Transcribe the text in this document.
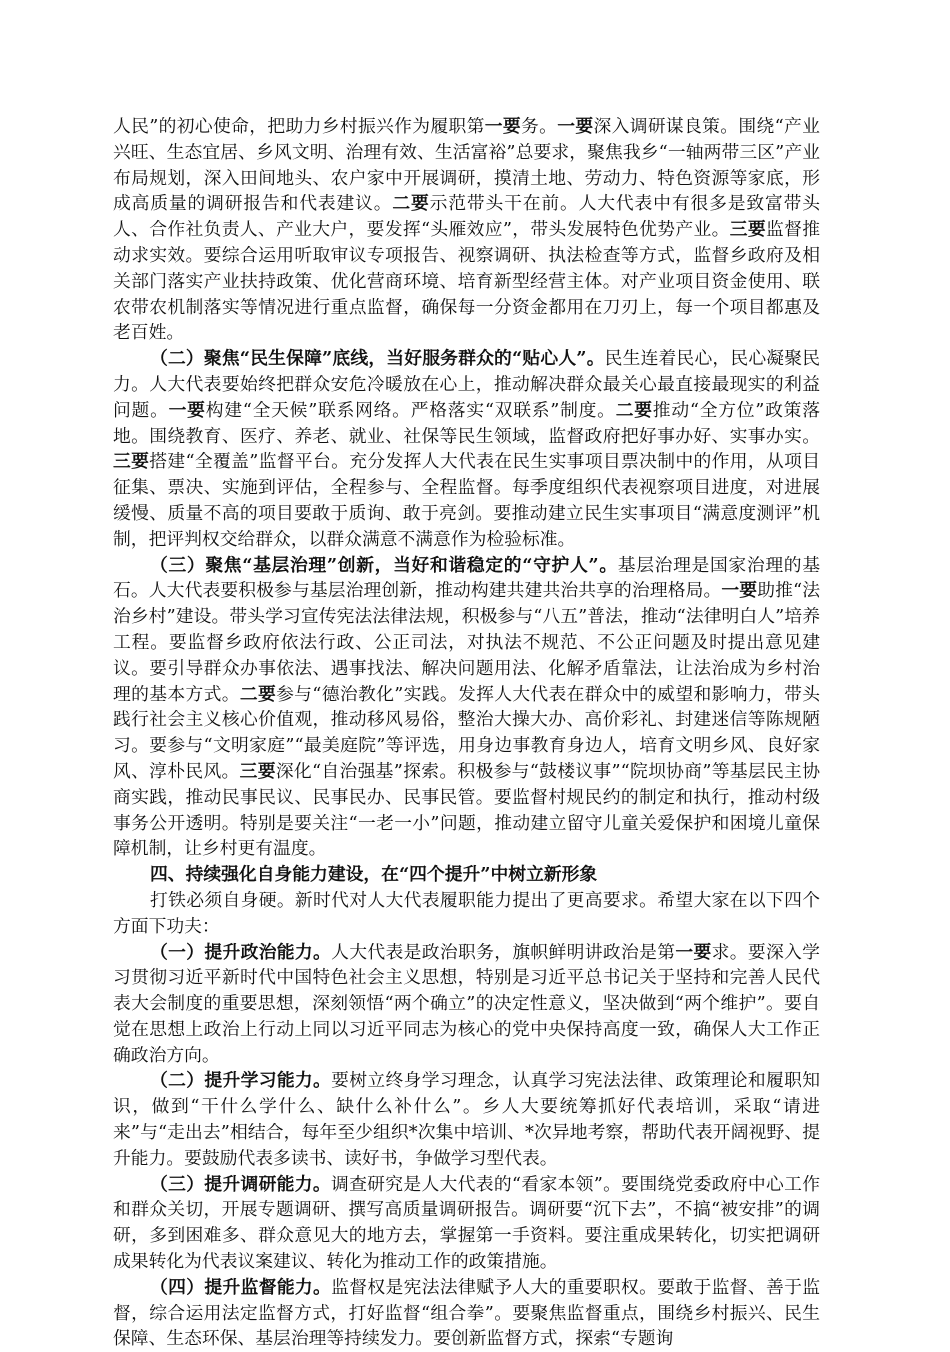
人民”的初心使命，把助力乡村振兴作为履职第一要务。一要深入调研谋良策。围绕“产业兴旺、生态宜居、乡风文明、治理有效、生活富裕”总要求，聚焦我乡“一轴两带三区”产业布局规划，深入田间地头、农户家中开展调研，摸清土地、劳动力、特色资源等家底，形成高质量的调研报告和代表建议。二要示范带头干在前。人大代表中有很多是致富带头人、合作社负责人、产业大户，要发挥“头雁效应”，带头发展特色优势产业。三要监督推动求实效。要综合运用听取审议专项报告、视察调研、执法检查等方式，监督乡政府及相关部门落实产业扶持政策、优化营商环境、培育新型经营主体。对产业项目资金使用、联农带农机制落实等情况进行重点监督，确保每一分资金都用在刀刃上，每一个项目都惠及老百姓。

（二）聚焦“民生保障”底线，当好服务群众的“贴心人”。民生连着民心，民心凝聚民力。人大代表要始终把群众安危冷暖放在心上，推动解决群众最关心最直接最现实的利益问题。一要构建“全天候”联系网络。严格落实“双联系”制度。二要推动“全方位”政策落地。围绕教育、医疗、养老、就业、社保等民生领域，监督政府把好事办好、实事办实。三要搭建“全覆盖”监督平台。充分发挥人大代表在民生实事项目票决制中的作用，从项目征集、票决、实施到评估，全程参与、全程监督。每季度组织代表视察项目进度，对进展缓慢、质量不高的项目要敢于质询、敢于亮剑。要推动建立民生实事项目“满意度测评”机制，把评判权交给群众，以群众满意不满意作为检验标准。

（三）聚焦“基层治理”创新，当好和谐稳定的“守护人”。基层治理是国家治理的基石。人大代表要积极参与基层治理创新，推动构建共建共治共享的治理格局。一要助推“法治乡村”建设。带头学习宣传宪法法律法规，积极参与“八五”普法，推动“法律明白人”培养工程。要监督乡政府依法行政、公正司法，对执法不规范、不公正问题及时提出意见建议。要引导群众办事依法、遇事找法、解决问题用法、化解矛盾靠法，让法治成为乡村治理的基本方式。二要参与“德治教化”实践。发挥人大代表在群众中的威望和影响力，带头践行社会主义核心价值观，推动移风易俗，整治大操大办、高价彩礼、封建迷信等陈规陋习。要参与“文明家庭”“最美庭院”等评选，用身边事教育身边人，培育文明乡风、良好家风、淳朴民风。三要深化“自治强基”探索。积极参与“鼓楼议事”“院坝协商”等基层民主协商实践，推动民事民议、民事民办、民事民管。要监督村规民约的制定和执行，推动村级事务公开透明。特别是要关注“一老一小”问题，推动建立留守儿童关爱保护和困境儿童保障机制，让乡村更有温度。

四、持续强化自身能力建设，在“四个提升”中树立新形象

打铁必须自身硬。新时代对人大代表履职能力提出了更高要求。希望大家在以下四个方面下功夫：

（一）提升政治能力。人大代表是政治职务，旗帜鲜明讲政治是第一要求。要深入学习贯彻习近平新时代中国特色社会主义思想，特别是习近平总书记关于坚持和完善人民代表大会制度的重要思想，深刻领悟“两个确立”的决定性意义，坚决做到“两个维护”。要自觉在思想上政治上行动上同以习近平同志为核心的党中央保持高度一致，确保人大工作正确政治方向。

（二）提升学习能力。要树立终身学习理念，认真学习宪法法律、政策理论和履职知识，做到“干什么学什么、缺什么补什么”。乡人大要统筹抓好代表培训，采取“请进来”与“走出去”相结合，每年至少组织*次集中培训、*次异地考察，帮助代表开阔视野、提升能力。要鼓励代表多读书、读好书，争做学习型代表。

（三）提升调研能力。调查研究是人大代表的“看家本领”。要围绕党委政府中心工作和群众关切，开展专题调研、撰写高质量调研报告。调研要“沉下去”，不搞“被安排”的调研，多到困难多、群众意见大的地方去，掌握第一手资料。要注重成果转化，切实把调研成果转化为代表议案建议、转化为推动工作的政策措施。

（四）提升监督能力。监督权是宪法法律赋予人大的重要职权。要敢于监督、善于监督，综合运用法定监督方式，打好监督“组合拳”。要聚焦监督重点，围绕乡村振兴、民生保障、生态环保、基层治理等持续发力。要创新监督方式，探索“专题询
